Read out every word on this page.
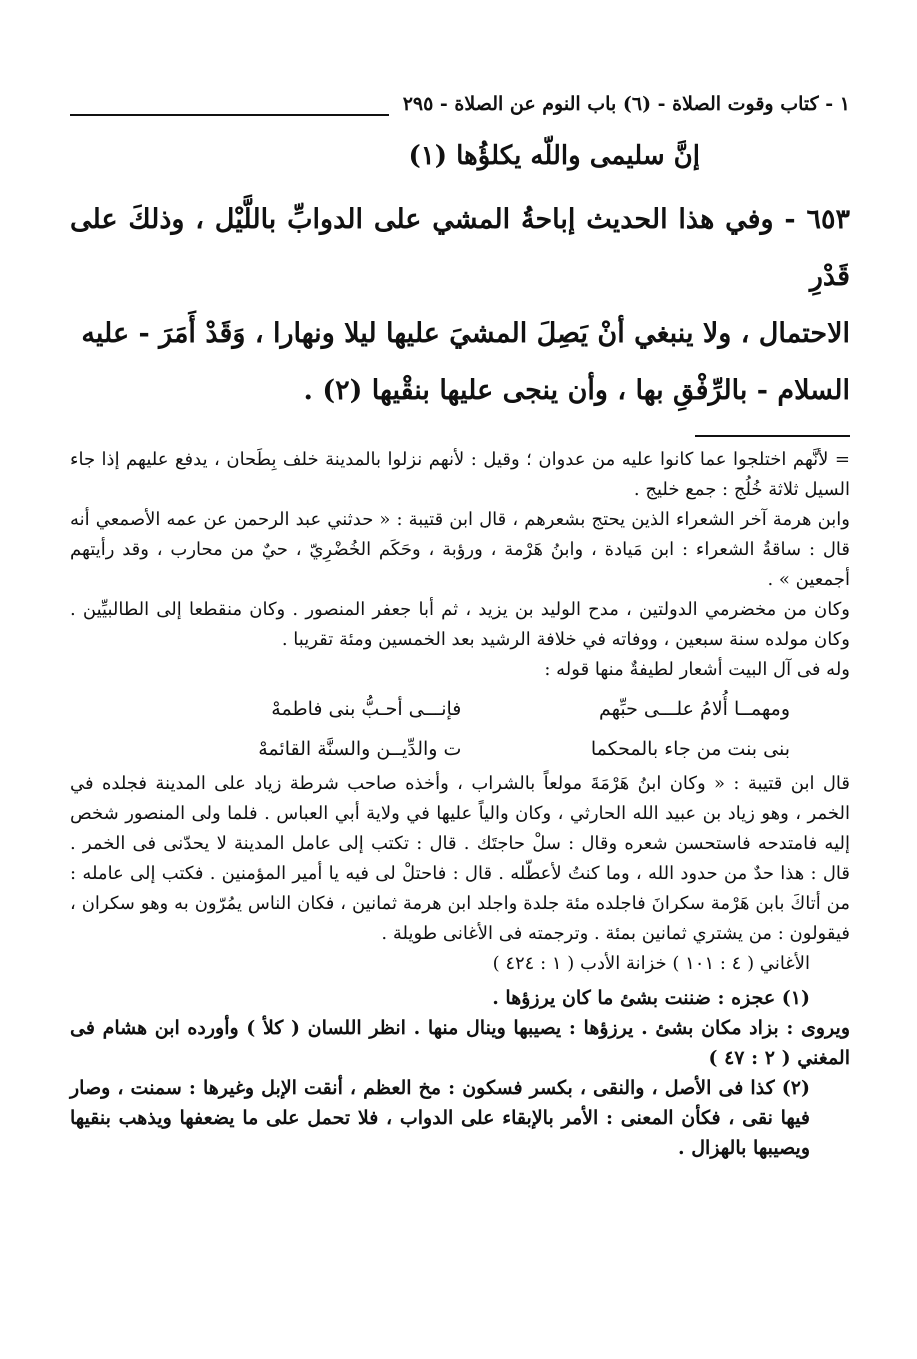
١ - كتاب وقوت الصلاة - (٦) باب النوم عن الصلاة - ٢٩٥
إنَّ سليمى واللّه يكلؤُها (١)

٦٥٣ - وفي هذا الحديث إباحةُ المشي على الدوابِّ باللَّيْل ، وذلكَ على قَدْرِ

الاحتمال ، ولا ينبغي أنْ يَصِلَ المشيَ عليها ليلا ونهارا ، وَقَدْ أَمَرَ - عليه

السلام - بالرِّفْقِ بها ، وأن ينجى عليها بنقْيها (٢) .

= لأنَّهم اختلجوا عما كانوا عليه من عدوان ؛ وقيل : لأنهم نزلوا بالمدينة خلف بِطَحان ، يدفع عليهم إذا جاء السيل ثلاثة خُلُج : جمع خليج .

وابن هرمة آخر الشعراء الذين يحتج بشعرهم ، قال ابن قتيبة : « حدثني عبد الرحمن عن عمه الأصمعي أنه قال : ساقةُ الشعراء : ابن مَيادة ، وابنُ هَرْمة ، ورؤبة ، وحَكَم الخُضْرِيّ ، حيٌ من محارب ، وقد رأيتهم أجمعين » .

وكان من مخضرمي الدولتين ، مدح الوليد بن يزيد ، ثم أبا جعفر المنصور . وكان منقطعا إلى الطالبيِّين . وكان مولده سنة سبعين ، ووفاته في خلافة الرشيد بعد الخمسين ومئة تقريبا .

وله فى آل البيت أشعار لطيفةٌ منها قوله :

ومهمــا أُلامُ علـــى حبِّهم
فإنـــى أحـبُّ بنى فاطمهْ
بنى بنت من جاء بالمحكما
ت والدِّيــن والسنَّة القائمهْ

قال ابن قتيبة : « وكان ابنُ هَرْمَةَ مولعاً بالشراب ، وأخذه صاحب شرطة زياد على المدينة فجلده في الخمر ، وهو زياد بن عبيد الله الحارثي ، وكان والياً عليها في ولاية أبي العباس . فلما ولى المنصور شخص إليه فامتدحه فاستحسن شعره وقال : سلْ حاجتَك . قال : تكتب إلى عامل المدينة لا يحدّنى فى الخمر . قال : هذا حدٌ من حدود الله ، وما كنتُ لأعطّله . قال : فاحتلْ لى فيه يا أمير المؤمنين . فكتب إلى عامله : من أتاكَ بابن هَرْمة سكرانَ فاجلده مئة جلدة واجلد ابن هرمة ثمانين ، فكان الناس يمُرّون به وهو سكران ، فيقولون : من يشتري ثمانين بمئة . وترجمته فى الأغانى طويلة .

الأغاني ( ٤ : ١٠١ ) خزانة الأدب ( ١ : ٤٢٤ )

(١) عجزه : ضننت بشئ ما كان يرزؤها .

ويروى : بزاد مكان بشئ . يرزؤها : يصيبها وينال منها . انظر اللسان ( كلأ ) وأورده ابن هشام فى المغني ( ٢ : ٤٧ )

(٢) كذا فى الأصل ، والنقى ، بكسر فسكون : مخ العظم ، أنقت الإبل وغيرها : سمنت ، وصار فيها نقى ، فكأن المعنى : الأمر بالإبقاء على الدواب ، فلا تحمل على ما يضعفها ويذهب بنقيها ويصيبها بالهزال .
